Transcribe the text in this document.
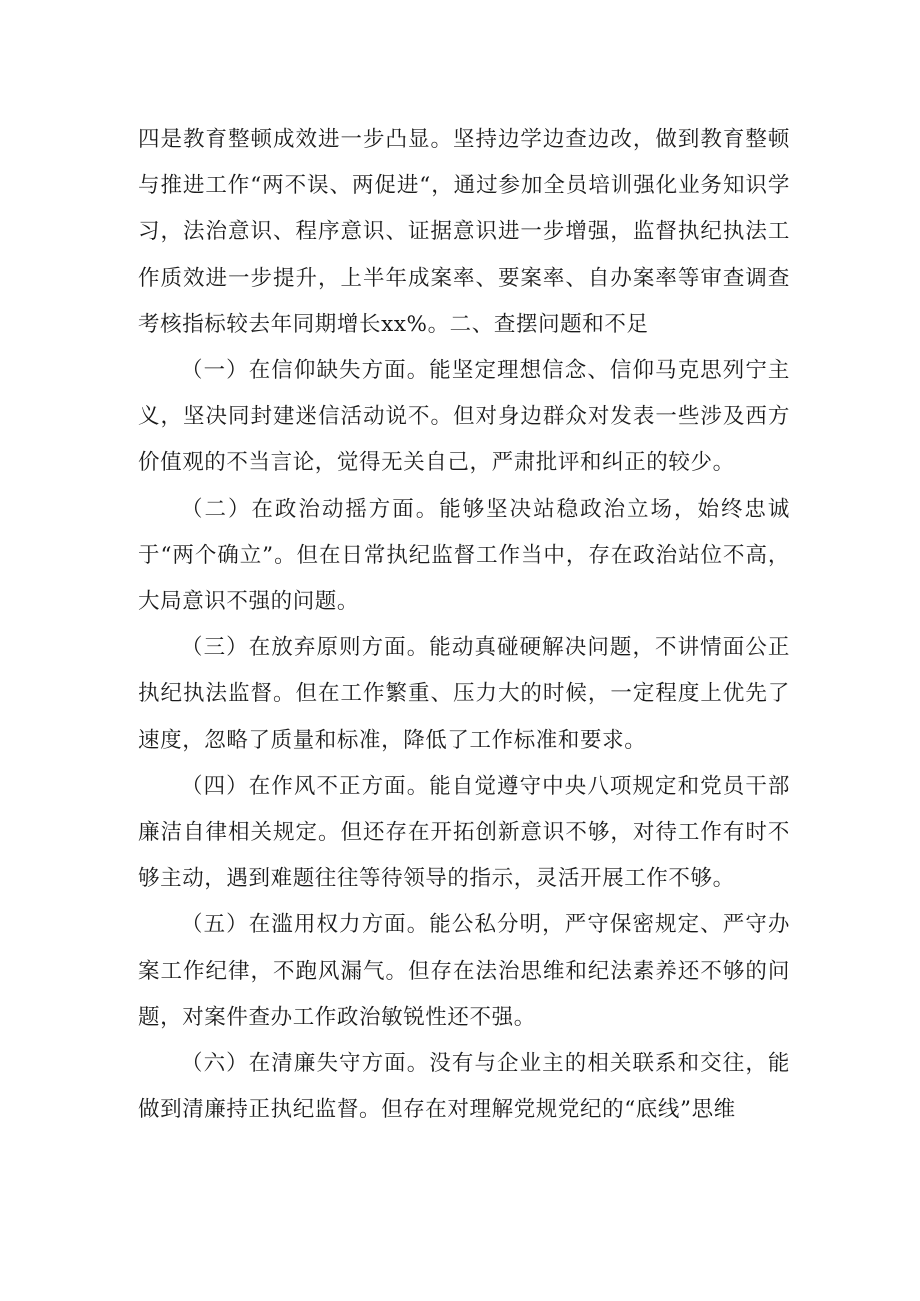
四是教育整顿成效进一步凸显。坚持边学边查边改，做到教育整顿与推进工作“两不误、两促进“，通过参加全员培训强化业务知识学习，法治意识、程序意识、证据意识进一步增强，监督执纪执法工作质效进一步提升，上半年成案率、要案率、自办案率等审查调查考核指标较去年同期增长xx%。二、查摆问题和不足

（一）在信仰缺失方面。能坚定理想信念、信仰马克思列宁主义，坚决同封建迷信活动说不。但对身边群众对发表一些涉及西方价值观的不当言论，觉得无关自己，严肃批评和纠正的较少。

（二）在政治动摇方面。能够坚决站稳政治立场，始终忠诚于“两个确立”。但在日常执纪监督工作当中，存在政治站位不高，大局意识不强的问题。

（三）在放弃原则方面。能动真碰硬解决问题，不讲情面公正执纪执法监督。但在工作繁重、压力大的时候，一定程度上优先了速度，忽略了质量和标准，降低了工作标准和要求。

（四）在作风不正方面。能自觉遵守中央八项规定和党员干部廉洁自律相关规定。但还存在开拓创新意识不够，对待工作有时不够主动，遇到难题往往等待领导的指示，灵活开展工作不够。

（五）在滥用权力方面。能公私分明，严守保密规定、严守办案工作纪律，不跑风漏气。但存在法治思维和纪法素养还不够的问题，对案件查办工作政治敏锐性还不强。

（六）在清廉失守方面。没有与企业主的相关联系和交往，能做到清廉持正执纪监督。但存在对理解党规党纪的“底线”思维
